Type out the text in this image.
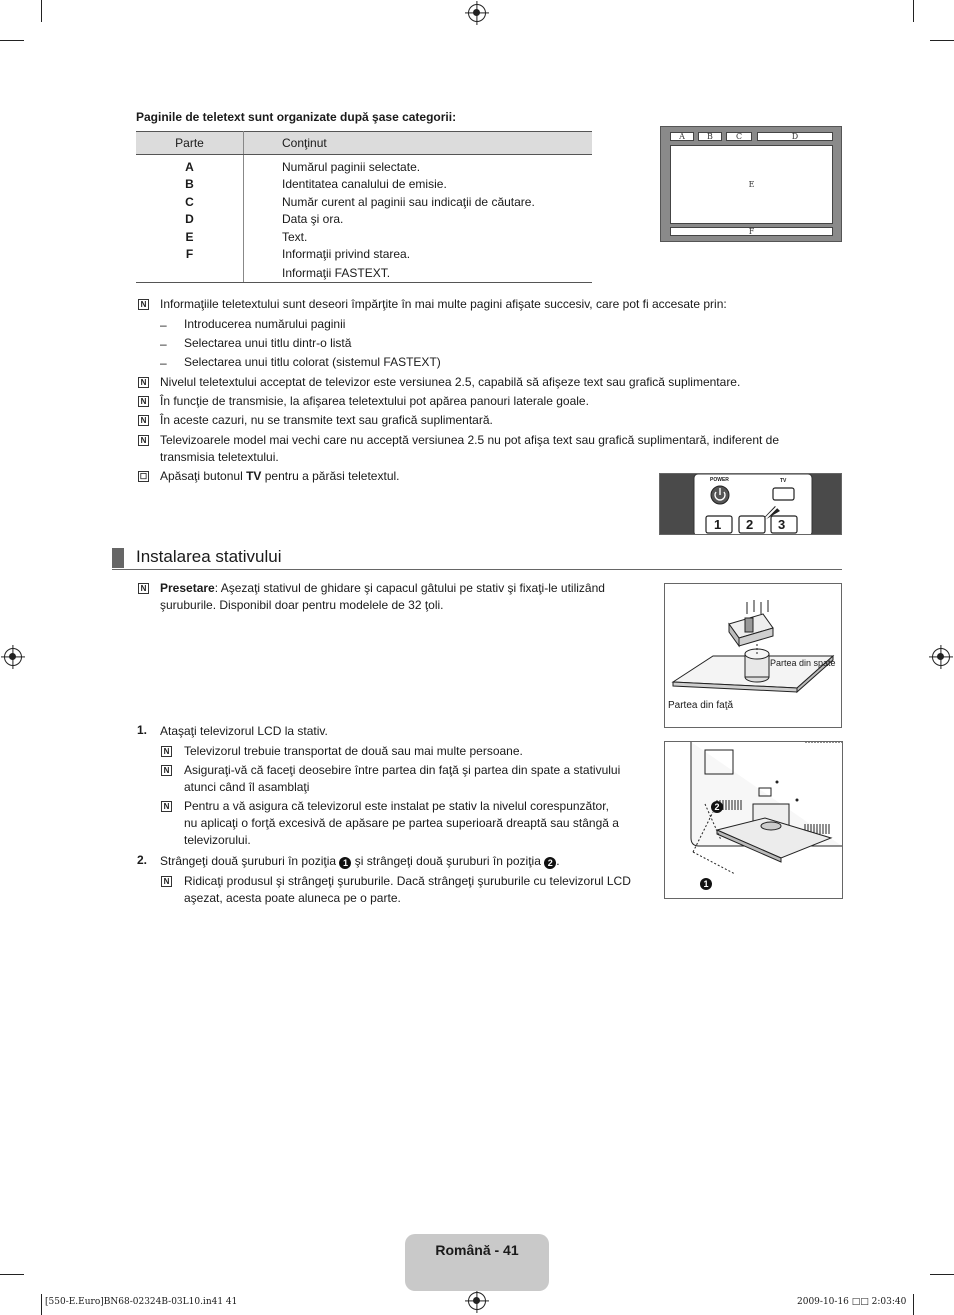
Paginile de teletext sunt organizate după şase categorii:
Parte	Conţinut
A	Numărul paginii selectate.
B	Identitatea canalului de emisie.
C	Număr curent al paginii sau indicaţii de căutare.
D	Data şi ora.
E	Text.
F	Informaţii privind starea.
	Informaţii FASTEXT.
A	B	C	D
E
F
N Informaţiile teletextului sunt deseori împărţite în mai multe pagini afişate succesiv, care pot fi accesate prin:
– Introducerea numărului paginii
– Selectarea unui titlu dintr-o listă
– Selectarea unui titlu colorat (sistemul FASTEXT)
N Nivelul teletextului acceptat de televizor este versiunea 2.5, capabilă să afişeze text sau grafică suplimentare.
N În funcţie de transmisie, la afişarea teletextului pot apărea panouri laterale goale.
N În aceste cazuri, nu se transmite text sau grafică suplimentară.
N Televizoarele model mai vechi care nu acceptă versiunea 2.5 nu pot afişa text sau grafică suplimentară, indiferent de
transmisia teletextului.
☐ Apăsaţi butonul TV pentru a părăsi teletextul.	POWER	TV
1 2 3
Instalarea stativului
N Presetare: Aşezaţi stativul de ghidare şi capacul gâtului pe stativ şi fixaţi-le utilizând
şuruburile. Disponibil doar pentru modelele de 32 ţoli.
Partea din spate
Partea din faţă
1. Ataşaţi televizorul LCD la stativ.
N Televizorul trebuie transportat de două sau mai multe persoane.
N Asiguraţi-vă că faceţi deosebire între partea din faţă şi partea din spate a stativului
atunci când îl asamblaţi
N Pentru a vă asigura că televizorul este instalat pe stativ la nivelul corespunzător,
nu aplicaţi o forţă excesivă de apăsare pe partea superioară dreaptă sau stângă a
televizorului.
2. Strângeţi două şuruburi în poziţia 1 şi strângeţi două şuruburi în poziţia 2 .
N Ridicaţi produsul şi strângeţi şuruburile. Dacă strângeţi şuruburile cu televizorul LCD
aşezat, acesta poate aluneca pe o parte.
2
1
Română - 41
[550-E.Euro]BN68-02324B-03L10.in41 41	2009-10-16 □□ 2:03:40
